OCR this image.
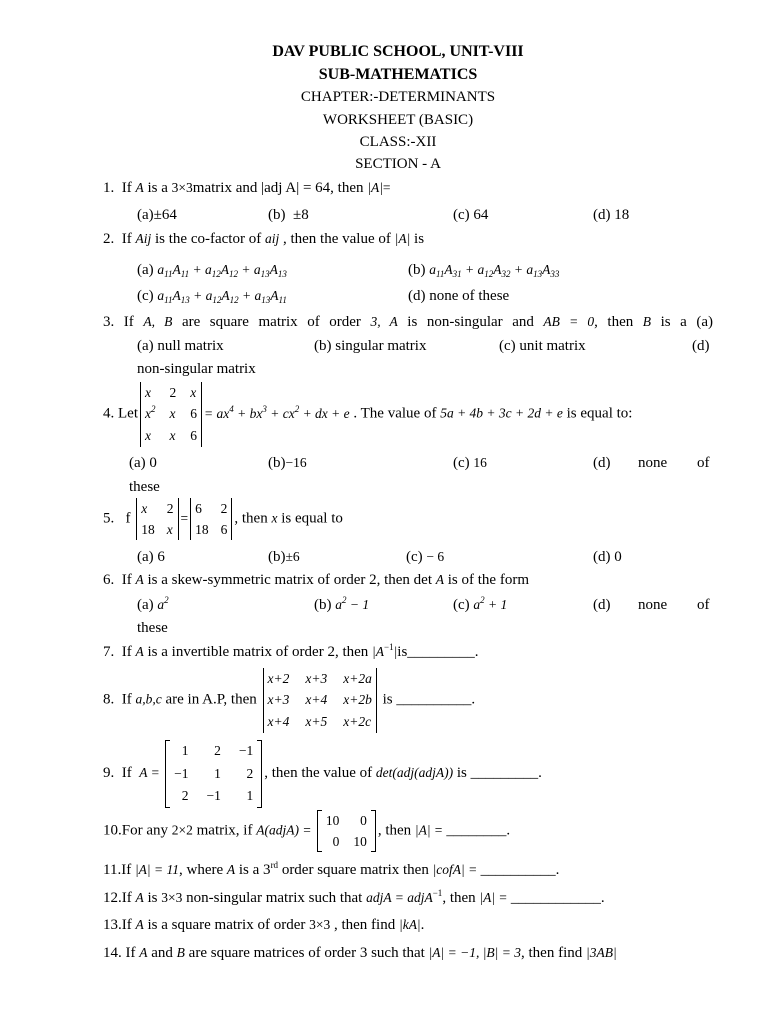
DAV PUBLIC SCHOOL, UNIT-VIII
SUB-MATHEMATICS
CHAPTER:-DETERMINANTS
WORKSHEET (BASIC)
CLASS:-XII
SECTION - A
1. If A is a 3×3matrix and |adj A| = 64, then |A|=
(a)±64	(b)  ±8	(c) 64	(d) 18
2. If Aij is the co-factor of aij , then the value of |A| is
(a) $a_{11}A_{11} + a_{12}A_{12} + a_{13}A_{13}$	(b) $a_{11}A_{31} + a_{12}A_{32} + a_{13}A_{33}$
(c) $a_{11}A_{13} + a_{12}A_{12} + a_{13}A_{11}$	(d) none of these
3. If A, B are square matrix of order 3, A is non-singular and AB = 0, then B is a (a)
(a) null matrix	(b) singular matrix	(c) unit matrix	(d)
non-singular matrix
4. Let
x	2 x
$x^2$ x 6
x	x 6
= $ax^4 + bx^3 + cx^2$ + dx + e . The value of 5a + 4b + 3c + 2d + e is equal to:
(a) 0	(b)−16	(c) 16	(d) none of
these
5.   f
x	2
18 x
=
6	2
18 6
, then x is equal to
(a) 6	(b)±6	(c) − 6	(d) 0
6. If A is a skew-symmetric matrix of order 2, then det A is of the form
(a) $a^2$	(b) $a^2 - 1$	(c) $a^2 + 1$	(d) none of
these
7. If A is a invertible matrix of order 2, then $|A^{-1}|is\_\_\_\_\_\_\_\_\_$.
8. If a,b,c are in A.P, then
x+2 x+3 x+2a
x+3 x+4 x+2b
x+4 x+5 x+2c
is __________.
9. If  A =
1 2 −1
−1 1 2
2 −1 1
, then the value of det(adj(adjA)) is _________.
10.For any 2×2 matrix, if A(adjA) =
10 0
0 10
, then |A| = ________.
11.If |A| = 11, where A is a 3rd order square matrix then |cofA| = __________.
12.If A is 3×3 non-singular matrix such that adjA = adjA$^{-1}$, then |A| = ____________.
13.If A is a square matrix of order 3×3 , then find |kA|.
14. If A and B are square matrices of order 3 such that |A| = −1, |B| = 3, then find |3AB|
